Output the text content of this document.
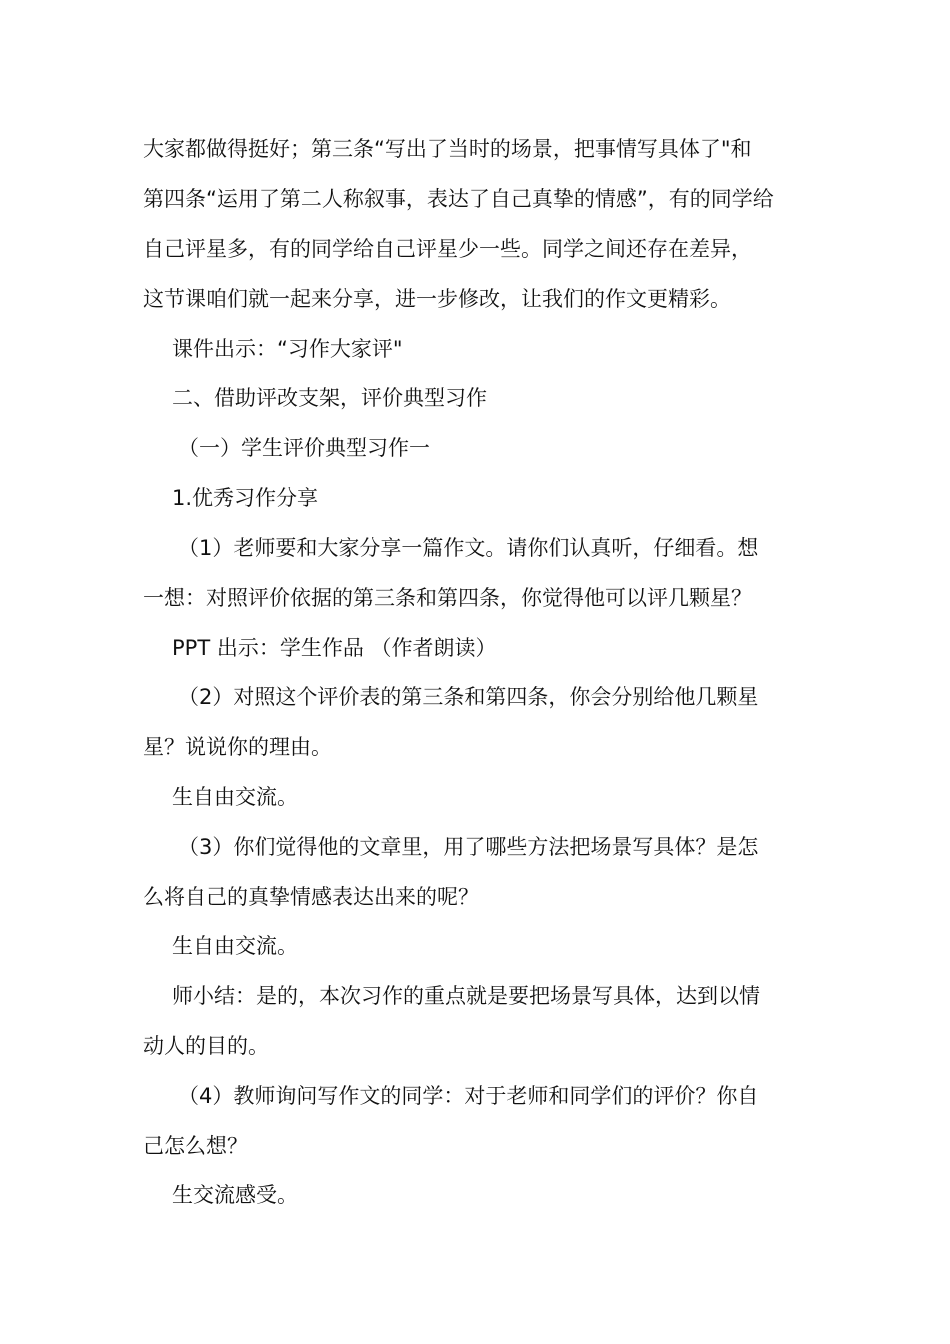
大家都做得挺好；第三条“写出了当时的场景，把事情写具体了"和
第四条“运用了第二人称叙事，表达了自己真挚的情感”，有的同学给
自己评星多，有的同学给自己评星少一些。同学之间还存在差异，
这节课咱们就一起来分享，进一步修改，让我们的作文更精彩。
课件出示：“习作大家评"
二、借助评改支架，评价典型习作
（一）学生评价典型习作一
1.优秀习作分享
（1）老师要和大家分享一篇作文。请你们认真听，仔细看。想
一想：对照评价依据的第三条和第四条，你觉得他可以评几颗星？
PPT 出示：学生作品 （作者朗读）
（2）对照这个评价表的第三条和第四条，你会分别给他几颗星
星？说说你的理由。
生自由交流。
（3）你们觉得他的文章里，用了哪些方法把场景写具体？是怎
么将自己的真挚情感表达出来的呢？
生自由交流。
师小结：是的，本次习作的重点就是要把场景写具体，达到以情
动人的目的。
（4）教师询问写作文的同学：对于老师和同学们的评价？你自
己怎么想？
生交流感受。
